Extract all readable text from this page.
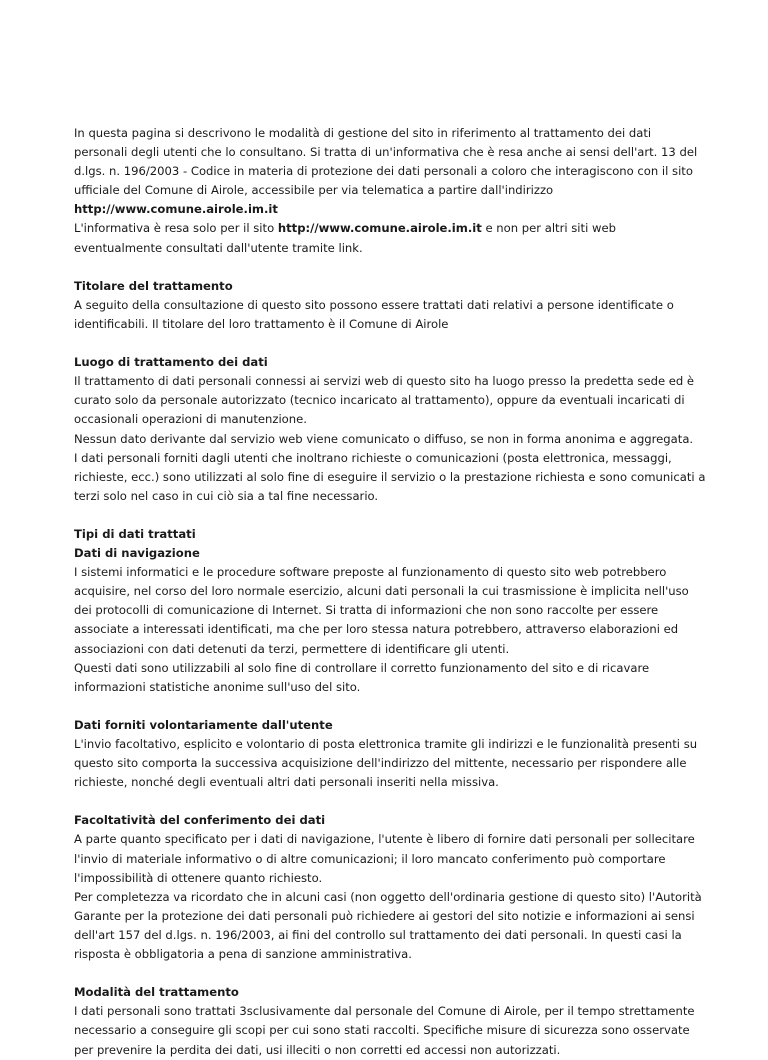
In questa pagina si descrivono le modalità di gestione del sito in riferimento al trattamento dei dati personali degli utenti che lo consultano. Si tratta di un'informativa che è resa anche ai sensi dell'art. 13 del d.lgs. n. 196/2003 - Codice in materia di protezione dei dati personali a coloro che interagiscono con il sito ufficiale del Comune di Airole, accessibile per via telematica a partire dall'indirizzo
http://www.comune.airole.im.it

L'informativa è resa solo per il sito http://www.comune.airole.im.it e non per altri siti web eventualmente consultati dall'utente tramite link.

Titolare del trattamento

A seguito della consultazione di questo sito possono essere trattati dati relativi a persone identificate o identificabili. Il titolare del loro trattamento è il Comune di Airole

Luogo di trattamento dei dati

Il trattamento di dati personali connessi ai servizi web di questo sito ha luogo presso la predetta sede ed è curato solo da personale autorizzato (tecnico incaricato al trattamento), oppure da eventuali incaricati di occasionali operazioni di manutenzione.

Nessun dato derivante dal servizio web viene comunicato o diffuso, se non in forma anonima e aggregata.

I dati personali forniti dagli utenti che inoltrano richieste o comunicazioni (posta elettronica, messaggi, richieste, ecc.) sono utilizzati al solo fine di eseguire il servizio o la prestazione richiesta e sono comunicati a terzi solo nel caso in cui ciò sia a tal fine necessario.

Tipi di dati trattati
Dati di navigazione

I sistemi informatici e le procedure software preposte al funzionamento di questo sito web potrebbero acquisire, nel corso del loro normale esercizio, alcuni dati personali la cui trasmissione è implicita nell'uso dei protocolli di comunicazione di Internet. Si tratta di informazioni che non sono raccolte per essere associate a interessati identificati, ma che per loro stessa natura potrebbero, attraverso elaborazioni ed associazioni con dati detenuti da terzi, permettere di identificare gli utenti.

Questi dati sono utilizzabili al solo fine di controllare il corretto funzionamento del sito e di ricavare informazioni statistiche anonime sull'uso del sito.

Dati forniti volontariamente dall'utente

L'invio facoltativo, esplicito e volontario di posta elettronica tramite gli indirizzi e le funzionalità presenti su questo sito comporta la successiva acquisizione dell'indirizzo del mittente, necessario per rispondere alle richieste, nonché degli eventuali altri dati personali inseriti nella missiva.

Facoltatività del conferimento dei dati

A parte quanto specificato per i dati di navigazione, l'utente è libero di fornire dati personali per sollecitare l'invio di materiale informativo o di altre comunicazioni; il loro mancato conferimento può comportare l'impossibilità di ottenere quanto richiesto.

Per completezza va ricordato che in alcuni casi (non oggetto dell'ordinaria gestione di questo sito) l'Autorità Garante per la protezione dei dati personali può richiedere ai gestori del sito notizie e informazioni ai sensi dell'art 157 del d.lgs. n. 196/2003, ai fini del controllo sul trattamento dei dati personali. In questi casi la risposta è obbligatoria a pena di sanzione amministrativa.

Modalità del trattamento

I dati personali sono trattati 3sclusivamente dal personale del Comune di Airole, per il tempo strettamente necessario a conseguire gli scopi per cui sono stati raccolti. Specifiche misure di sicurezza sono osservate per prevenire la perdita dei dati, usi illeciti o non corretti ed accessi non autorizzati.
